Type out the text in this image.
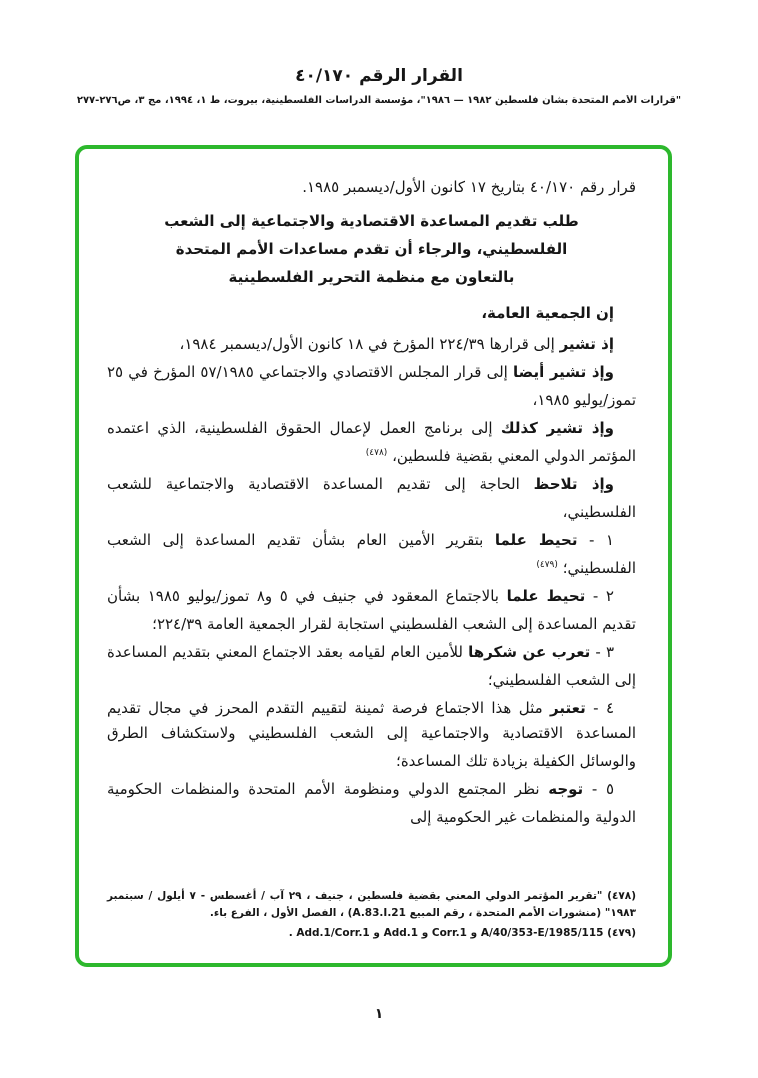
القرار الرقم ٤٠/١٧٠
"قرارات الأمم المتحدة بشأن فلسطين ١٩٨٢ — ١٩٨٦"، مؤسسة الدراسات الفلسطينية، بيروت، ط ١، ١٩٩٤، مج ٣، ص٢٧٦-٢٧٧

قرار رقم ٤٠/١٧٠ بتاريخ ١٧ كانون الأول/ديسمبر ١٩٨٥.

طلب تقديم المساعدة الاقتصادية والاجتماعية إلى الشعب الفلسطيني، والرجاء أن تقدم مساعدات الأمم المتحدة بالتعاون مع منظمة التحرير الفلسطينية

إن الجمعية العامة،

إذ تشير إلى قرارها ٢٢٤/٣٩ المؤرخ في ١٨ كانون الأول/ديسمبر ١٩٨٤،

وإذ تشير أيضا إلى قرار المجلس الاقتصادي والاجتماعي ٥٧/١٩٨٥ المؤرخ في ٢٥ تموز/يوليو ١٩٨٥،

وإذ تشير كذلك إلى برنامج العمل لإعمال الحقوق الفلسطينية، الذي اعتمده المؤتمر الدولي المعني بقضية فلسطين، $^{(٤٧٨)}$

وإذ تلاحظ الحاجة إلى تقديم المساعدة الاقتصادية والاجتماعية للشعب الفلسطيني،

١ - تحيط علما بتقرير الأمين العام بشأن تقديم المساعدة إلى الشعب الفلسطيني؛ $^{(٤٧٩)}$

٢ - تحيط علما بالاجتماع المعقود في جنيف في ٥ و٨ تموز/يوليو ١٩٨٥ بشأن تقديم المساعدة إلى الشعب الفلسطيني استجابة لقرار الجمعية العامة ٢٢٤/٣٩؛

٣ - تعرب عن شكرها للأمين العام لقيامه بعقد الاجتماع المعني بتقديم المساعدة إلى الشعب الفلسطيني؛

٤ - تعتبر مثل هذا الاجتماع فرصة ثمينة لتقييم التقدم المحرز في مجال تقديم المساعدة الاقتصادية والاجتماعية إلى الشعب الفلسطيني ولاستكشاف الطرق والوسائل الكفيلة بزيادة تلك المساعدة؛

٥ - توجه نظر المجتمع الدولي ومنظومة الأمم المتحدة والمنظمات الحكومية الدولية والمنظمات غير الحكومية إلى

(٤٧٨) "تقرير المؤتمر الدولي المعني بقضية فلسطين ، جنيف ، ٢٩ آب / أغسطس - ٧ أيلول / سبتمبر ١٩٨٣" (منشورات الأمم المتحدة ، رقم المبيع A.83.I.21) ، الفصل الأول ، الفرع باء.

(٤٧٩) A/40/353-E/1985/115 و Corr.1 و Add.1 و Add.1/Corr.1 .

١
